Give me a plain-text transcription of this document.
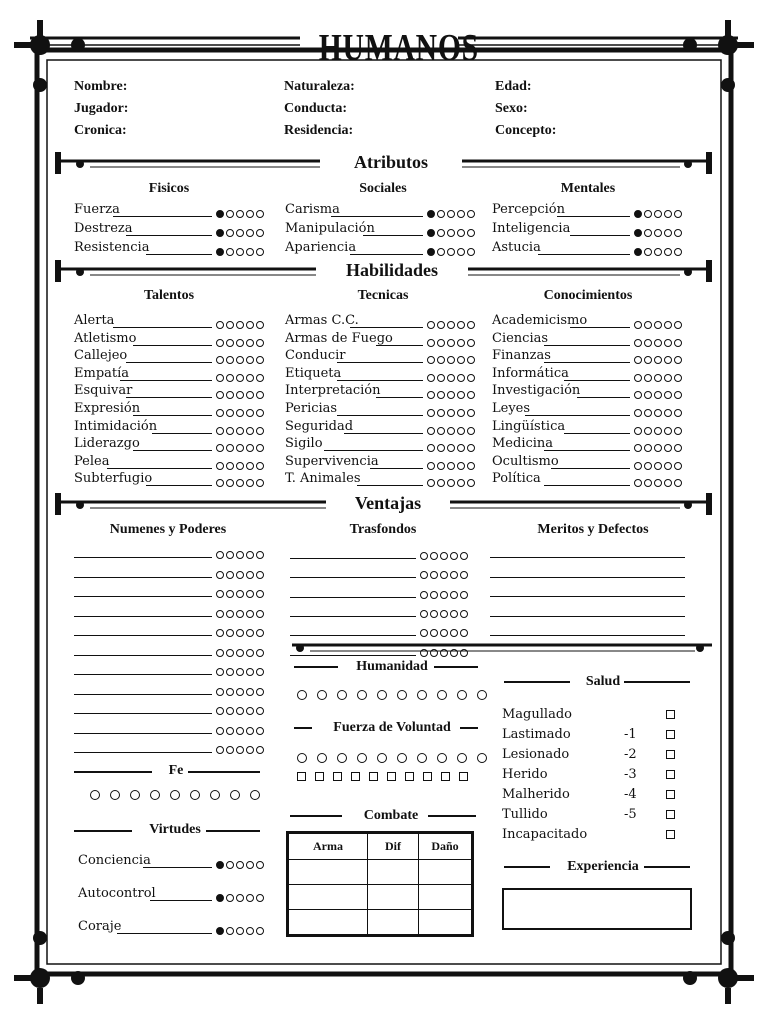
HUMANOS
Nombre:
Jugador:
Cronica:
Naturaleza:
Conducta:
Residencia:
Edad:
Sexo:
Concepto:
Atributos
Habilidades
Ventajas
Fisicos	Sociales	Mentales
Talentos	Tecnicas	Conocimientos
Numenes y Poderes	Trasfondos	Meritos y Defectos
Fuerza
Destreza
Resistencia
Carisma
Manipulación
Apariencia
Percepción
Inteligencia
Astucia
Alerta
Atletismo
Callejeo
Empatía
Esquivar
Expresión
Intimidación
Liderazgo
Pelea
Subterfugio
Armas C.C.
Armas de Fuego
Conducir
Etiqueta
Interpretación
Pericias
Seguridad
Sigilo
Supervivencia
T. Animales
Academicismo
Ciencias
Finanzas
Informática
Investigación
Leyes
Lingüística
Medicina
Ocultismo
Política
Conciencia
Autocontrol
Coraje
Magullado
Lastimado	-1
Lesionado	-2
Herido	-3
Malherido	-4
Tullido	-5
Incapacitado
Humanidad
Fuerza de Voluntad
Combate
Salud
Experiencia
Fe
Virtudes
Arma	Dif	Daño
